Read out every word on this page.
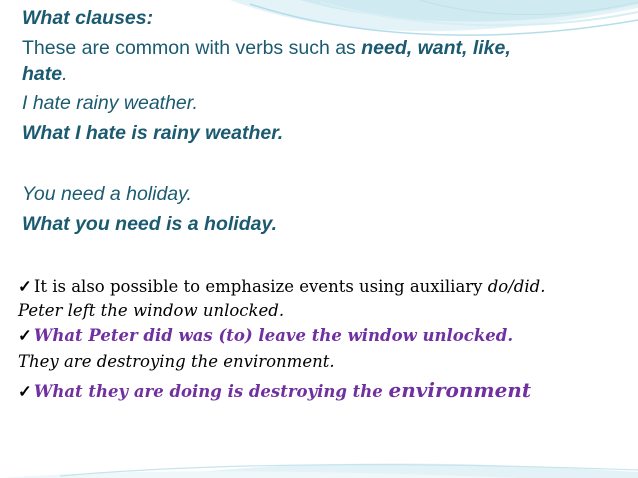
What clauses:
These are common with verbs such as need, want, like,
hate.
I hate rainy weather.
What I hate is rainy weather.
You need a holiday.
What you need is a holiday.
✓ It is also possible to emphasize events using auxiliary do/did.
Peter left the window unlocked.
✓ What Peter did was (to) leave the window unlocked.
They are destroying the environment.
✓ What they are doing is destroying the environment
